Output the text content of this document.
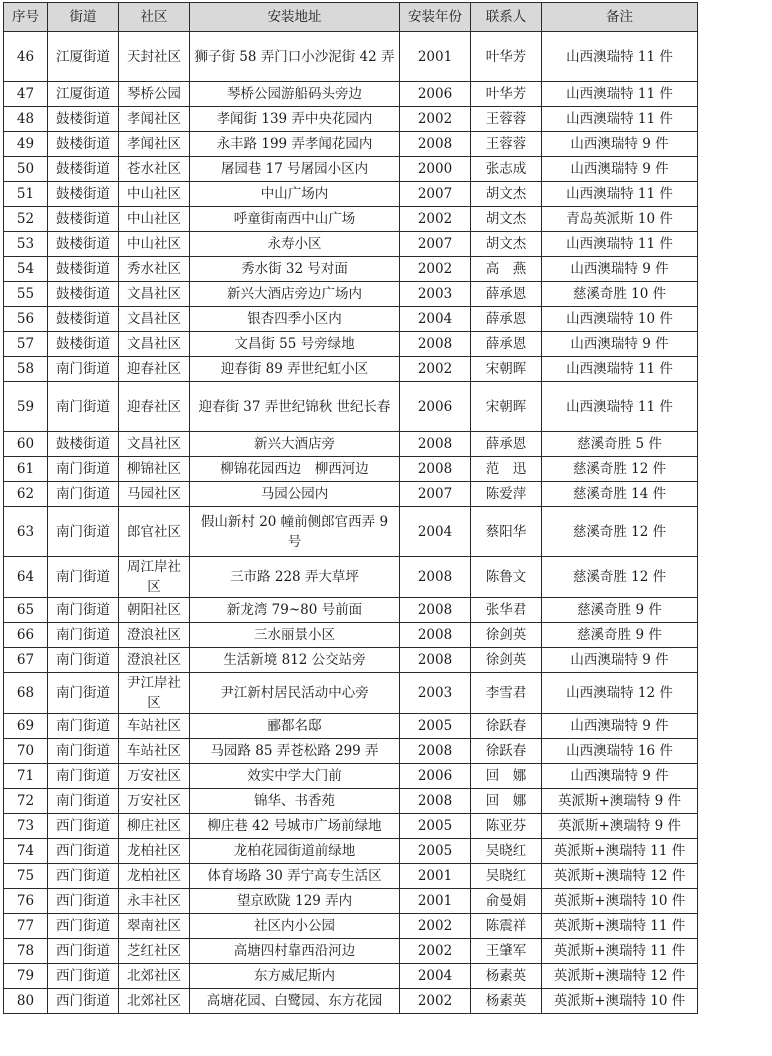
序号	街道	社区	安装地址	安装年份	联系人	备注
46	江厦街道	天封社区	狮子街 58 弄门口小沙泥街 42 弄	2001	叶华芳	山西澳瑞特 11 件
47	江厦街道	琴桥公园	琴桥公园游船码头旁边	2006	叶华芳	山西澳瑞特 11 件
48	鼓楼街道	孝闻社区	孝闻街 139 弄中央花园内	2002	王蓉蓉	山西澳瑞特 11 件
49	鼓楼街道	孝闻社区	永丰路 199 弄孝闻花园内	2008	王蓉蓉	山西澳瑞特 9 件
50	鼓楼街道	苍水社区	屠园巷 17 号屠园小区内	2000	张志成	山西澳瑞特 9 件
51	鼓楼街道	中山社区	中山广场内	2007	胡文杰	山西澳瑞特 11 件
52	鼓楼街道	中山社区	呼童街南西中山广场	2002	胡文杰	青岛英派斯 10 件
53	鼓楼街道	中山社区	永寿小区	2007	胡文杰	山西澳瑞特 11 件
54	鼓楼街道	秀水社区	秀水街 32 号对面	2002	高　燕	山西澳瑞特 9 件
55	鼓楼街道	文昌社区	新兴大酒店旁边广场内	2003	薛承恩	慈溪奇胜 10 件
56	鼓楼街道	文昌社区	银杏四季小区内	2004	薛承恩	山西澳瑞特 10 件
57	鼓楼街道	文昌社区	文昌街 55 号旁绿地	2008	薛承恩	山西澳瑞特 9 件
58	南门街道	迎春社区	迎春街 89 弄世纪虹小区	2002	宋朝晖	山西澳瑞特 11 件
59	南门街道	迎春社区	迎春街 37 弄世纪锦秋 世纪长春	2006	宋朝晖	山西澳瑞特 11 件
60	鼓楼街道	文昌社区	新兴大酒店旁	2008	薛承恩	慈溪奇胜 5 件
61	南门街道	柳锦社区	柳锦花园西边　柳西河边	2008	范　迅	慈溪奇胜 12 件
62	南门街道	马园社区	马园公园内	2007	陈爱萍	慈溪奇胜 14 件
63	南门街道	郎官社区	假山新村 20 幢前侧郎官西弄 9 号	2004	蔡阳华	慈溪奇胜 12 件
64	南门街道	周江岸社区	三市路 228 弄大草坪	2008	陈鲁文	慈溪奇胜 12 件
65	南门街道	朝阳社区	新龙湾 79~80 号前面	2008	张华君	慈溪奇胜 9 件
66	南门街道	澄浪社区	三水丽景小区	2008	徐剑英	慈溪奇胜 9 件
67	南门街道	澄浪社区	生活新境 812 公交站旁	2008	徐剑英	山西澳瑞特 9 件
68	南门街道	尹江岸社区	尹江新村居民活动中心旁	2003	李雪君	山西澳瑞特 12 件
69	南门街道	车站社区	郦都名邸	2005	徐跃春	山西澳瑞特 9 件
70	南门街道	车站社区	马园路 85 弄苍松路 299 弄	2008	徐跃春	山西澳瑞特 16 件
71	南门街道	万安社区	效实中学大门前	2006	回　娜	山西澳瑞特 9 件
72	南门街道	万安社区	锦华、书香苑	2008	回　娜	英派斯+澳瑞特 9 件
73	西门街道	柳庄社区	柳庄巷 42 号城市广场前绿地	2005	陈亚芬	英派斯+澳瑞特 9 件
74	西门街道	龙柏社区	龙柏花园街道前绿地	2005	吴晓红	英派斯+澳瑞特 11 件
75	西门街道	龙柏社区	体育场路 30 弄宁高专生活区	2001	吴晓红	英派斯+澳瑞特 12 件
76	西门街道	永丰社区	望京欧陇 129 弄内	2001	俞曼娟	英派斯+澳瑞特 10 件
77	西门街道	翠南社区	社区内小公园	2002	陈震祥	英派斯+澳瑞特 11 件
78	西门街道	芝红社区	高塘四村靠西沿河边	2002	王肇军	英派斯+澳瑞特 11 件
79	西门街道	北郊社区	东方威尼斯内	2004	杨素英	英派斯+澳瑞特 12 件
80	西门街道	北郊社区	高塘花园、白鹭园、东方花园	2002	杨素英	英派斯+澳瑞特 10 件
